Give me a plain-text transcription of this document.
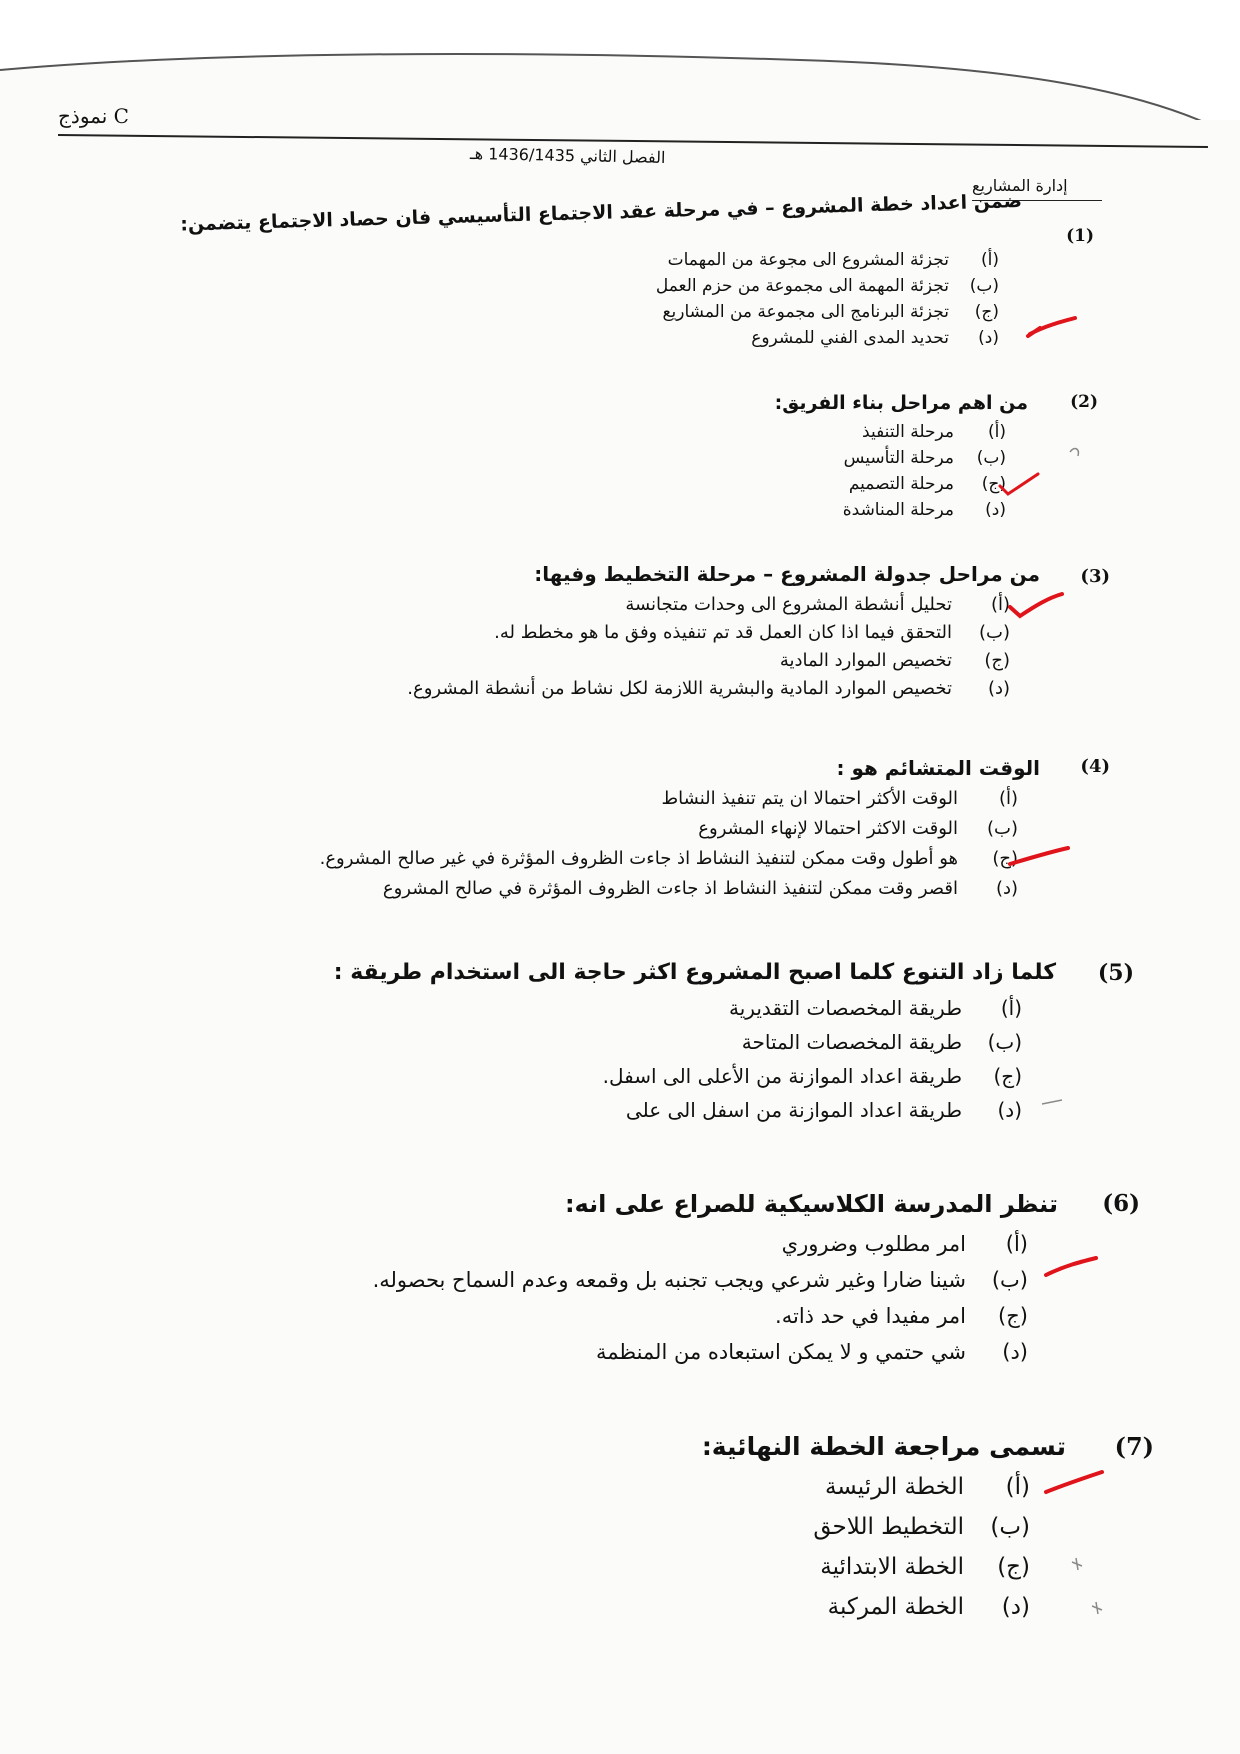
نموذج C
الفصل الثاني 1436/1435 هـ
إدارة المشاريع
(1)
ضمن اعداد خطة المشروع – في مرحلة عقد الاجتماع التأسيسي فان حصاد الاجتماع يتضمن:
(أ)
تجزئة المشروع الى مجوعة من المهمات
(ب)
تجزئة المهمة الى مجموعة من حزم العمل
(ج)
تجزئة البرنامج الى مجموعة من المشاريع
(د)
تحديد المدى الفني للمشروع
(2)
من اهم مراحل بناء الفريق:
(أ)
مرحلة التنفيذ
(ب)
مرحلة التأسيس
(ج)
مرحلة التصميم
(د)
مرحلة المناشدة
(3)
من مراحل جدولة المشروع – مرحلة التخطيط وفيها:
(أ)
تحليل أنشطة المشروع الى وحدات متجانسة
(ب)
التحقق فيما اذا كان العمل قد تم تنفيذه وفق ما هو مخطط له.
(ج)
تخصيص الموارد المادية
(د)
تخصيص الموارد المادية والبشرية اللازمة لكل نشاط من أنشطة المشروع.
(4)
الوقت المتشائم هو :
(أ)
الوقت الأكثر احتمالا ان يتم تنفيذ النشاط
(ب)
الوقت الاكثر احتمالا لإنهاء المشروع
(ج)
هو أطول وقت ممكن لتنفيذ النشاط اذ جاءت الظروف المؤثرة في غير صالح المشروع.
(د)
اقصر وقت ممكن لتنفيذ النشاط اذ جاءت الظروف المؤثرة في صالح المشروع
(5)
كلما زاد التنوع كلما اصبح المشروع اكثر حاجة الى استخدام طريقة :
(أ)
طريقة المخصصات التقديرية
(ب)
طريقة المخصصات المتاحة
(ج)
طريقة اعداد الموازنة من الأعلى الى اسفل.
(د)
طريقة اعداد الموازنة من اسفل الى على
(6)
تنظر المدرسة الكلاسيكية للصراع على انه:
(أ)
امر مطلوب وضروري
(ب)
شينا ضارا وغير شرعي ويجب تجنبه بل وقمعه وعدم السماح بحصوله.
(ج)
امر مفيدا في حد ذاته.
(د)
شي حتمي و لا يمكن استبعاده من المنظمة
(7)
تسمى مراجعة الخطة النهائية:
(أ)
الخطة الرئيسة
(ب)
التخطيط اللاحق
(ج)
الخطة الابتدائية
(د)
الخطة المركبة
